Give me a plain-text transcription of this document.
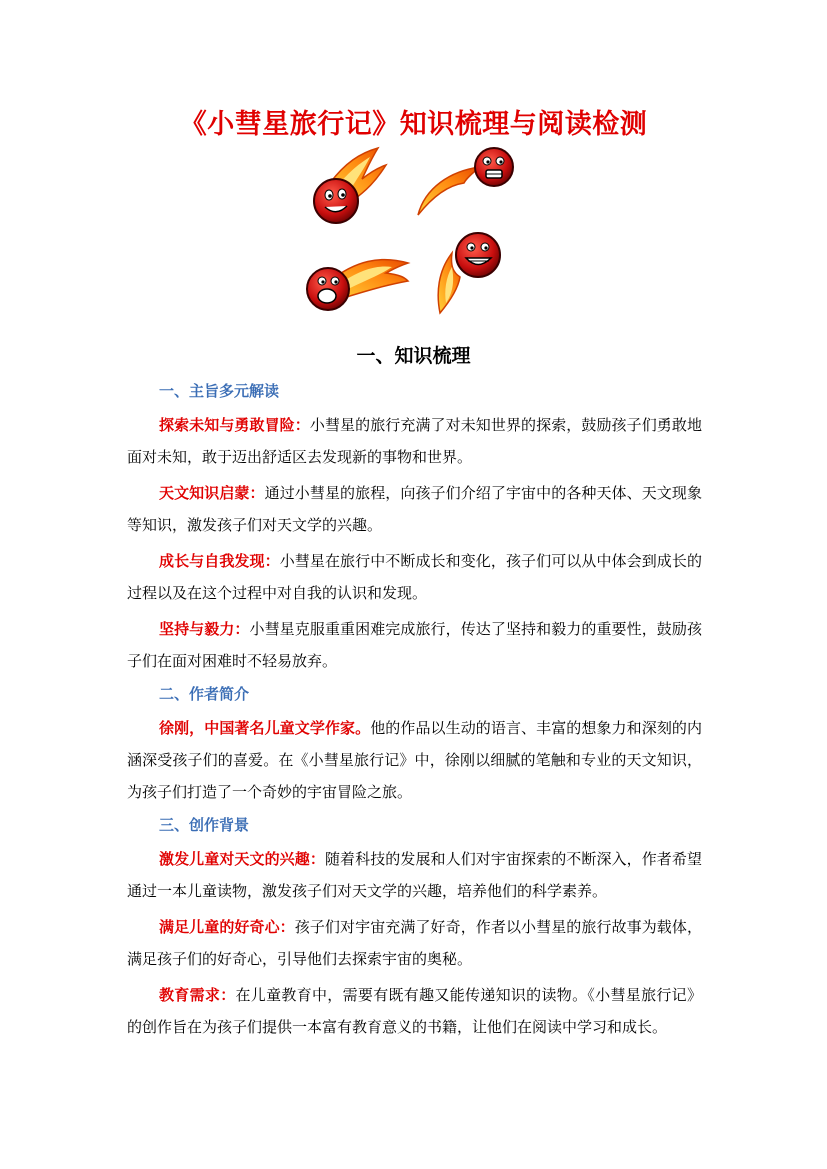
《小彗星旅行记》知识梳理与阅读检测
一、知识梳理
一、主旨多元解读

探索未知与勇敢冒险：小彗星的旅行充满了对未知世界的探索，鼓励孩子们勇敢地面对未知，敢于迈出舒适区去发现新的事物和世界。

天文知识启蒙：通过小彗星的旅程，向孩子们介绍了宇宙中的各种天体、天文现象等知识，激发孩子们对天文学的兴趣。

成长与自我发现：小彗星在旅行中不断成长和变化，孩子们可以从中体会到成长的过程以及在这个过程中对自我的认识和发现。

坚持与毅力：小彗星克服重重困难完成旅行，传达了坚持和毅力的重要性，鼓励孩子们在面对困难时不轻易放弃。

二、作者简介

徐刚，中国著名儿童文学作家。他的作品以生动的语言、丰富的想象力和深刻的内涵深受孩子们的喜爱。在《小彗星旅行记》中，徐刚以细腻的笔触和专业的天文知识，为孩子们打造了一个奇妙的宇宙冒险之旅。

三、创作背景

激发儿童对天文的兴趣：随着科技的发展和人们对宇宙探索的不断深入，作者希望通过一本儿童读物，激发孩子们对天文学的兴趣，培养他们的科学素养。

满足儿童的好奇心：孩子们对宇宙充满了好奇，作者以小彗星的旅行故事为载体，满足孩子们的好奇心，引导他们去探索宇宙的奥秘。

教育需求：在儿童教育中，需要有既有趣又能传递知识的读物。《小彗星旅行记》的创作旨在为孩子们提供一本富有教育意义的书籍，让他们在阅读中学习和成长。
